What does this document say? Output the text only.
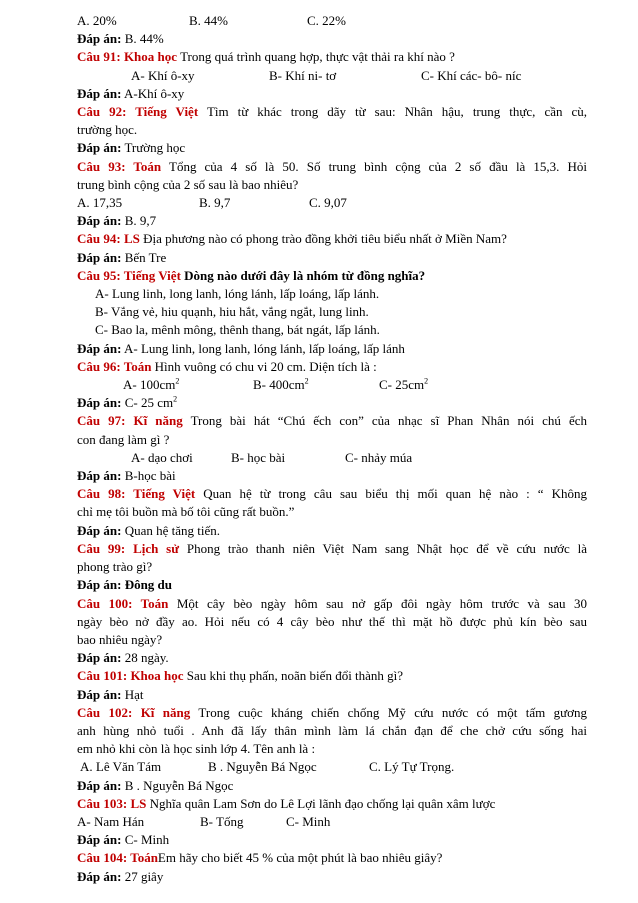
A. 20%	B. 44%	C. 22%
Đáp án: B. 44%
Câu 91: Khoa học Trong quá trình quang hợp, thực vật thải ra khí nào ?
A- Khí ô-xy	B- Khí ni- tơ	C- Khí các- bô- níc
Đáp án: A-Khí ô-xy
Câu 92: Tiếng Việt Tìm từ khác trong dãy từ sau: Nhân hậu, trung thực, cần cù,
trường học.
Đáp án: Trường học
Câu 93: Toán Tổng của 4 số là 50. Số trung bình cộng của 2 số đầu là 15,3. Hỏi
trung bình cộng của 2 số sau là bao nhiêu?
A. 17,35	B. 9,7	C. 9,07
Đáp án: B. 9,7
Câu 94: LS Địa phương nào có phong trào đồng khởi tiêu biểu nhất ở Miền Nam?
Đáp án: Bến Tre
Câu 95: Tiếng Việt Dòng nào dưới đây là nhóm từ đồng nghĩa?
A- Lung linh, long lanh, lóng lánh, lấp loáng, lấp lánh.
B- Vắng vẻ, hiu quạnh, hiu hắt, vắng ngắt, lung linh.
C- Bao la, mênh mông, thênh thang, bát ngát, lấp lánh.
Đáp án: A- Lung linh, long lanh, lóng lánh, lấp loáng, lấp lánh
Câu 96: Toán Hình vuông có chu vi 20 cm. Diện tích là :
A- $100cm^2$	B- $400cm^2$	C- $25cm^2$
Đáp án: C- 25 $cm^2$
Câu 97: Kĩ năng Trong bài hát “Chú ếch con” của nhạc sĩ Phan Nhân nói chú ếch
con đang làm gì ?
A- dạo chơi	B- học bài	C- nhảy múa
Đáp án: B-học bài
Câu 98: Tiếng Việt Quan hệ từ trong câu sau biểu thị mối quan hệ nào : “ Không
chỉ mẹ tôi buồn mà bố tôi cũng rất buồn.”
Đáp án: Quan hệ tăng tiến.
Câu 99: Lịch sử Phong trào thanh niên Việt Nam sang Nhật học để về cứu nước là
phong trào gì?
Đáp án: Đông du
Câu 100: Toán Một cây bèo ngày hôm sau nở gấp đôi ngày hôm trước và sau 30
ngày bèo nở đầy ao. Hỏi nếu có 4 cây bèo như thế thì mặt hồ được phủ kín bèo sau
bao nhiêu ngày?
Đáp án: 28 ngày.
Câu 101: Khoa học Sau khi thụ phấn, noãn biến đổi thành gì?
Đáp án: Hạt
Câu 102: Kĩ năng Trong cuộc kháng chiến chống Mỹ cứu nước có một tấm gương
anh hùng nhỏ tuổi . Anh đã lấy thân mình làm lá chắn đạn để che chở cứu sống hai
em nhỏ khi còn là học sinh lớp 4. Tên anh là :
A. Lê Văn Tám	B . Nguyễn Bá Ngọc	C. Lý Tự Trọng.
Đáp án: B . Nguyễn Bá Ngọc
Câu 103: LS Nghĩa quân Lam Sơn do Lê Lợi lãnh đạo chống lại quân xâm lược
A- Nam Hán	B- Tống	C- Minh
Đáp án: C- Minh
Câu 104: ToánEm hãy cho biết 45 % của một phút là bao nhiêu giây?
Đáp án: 27 giây
